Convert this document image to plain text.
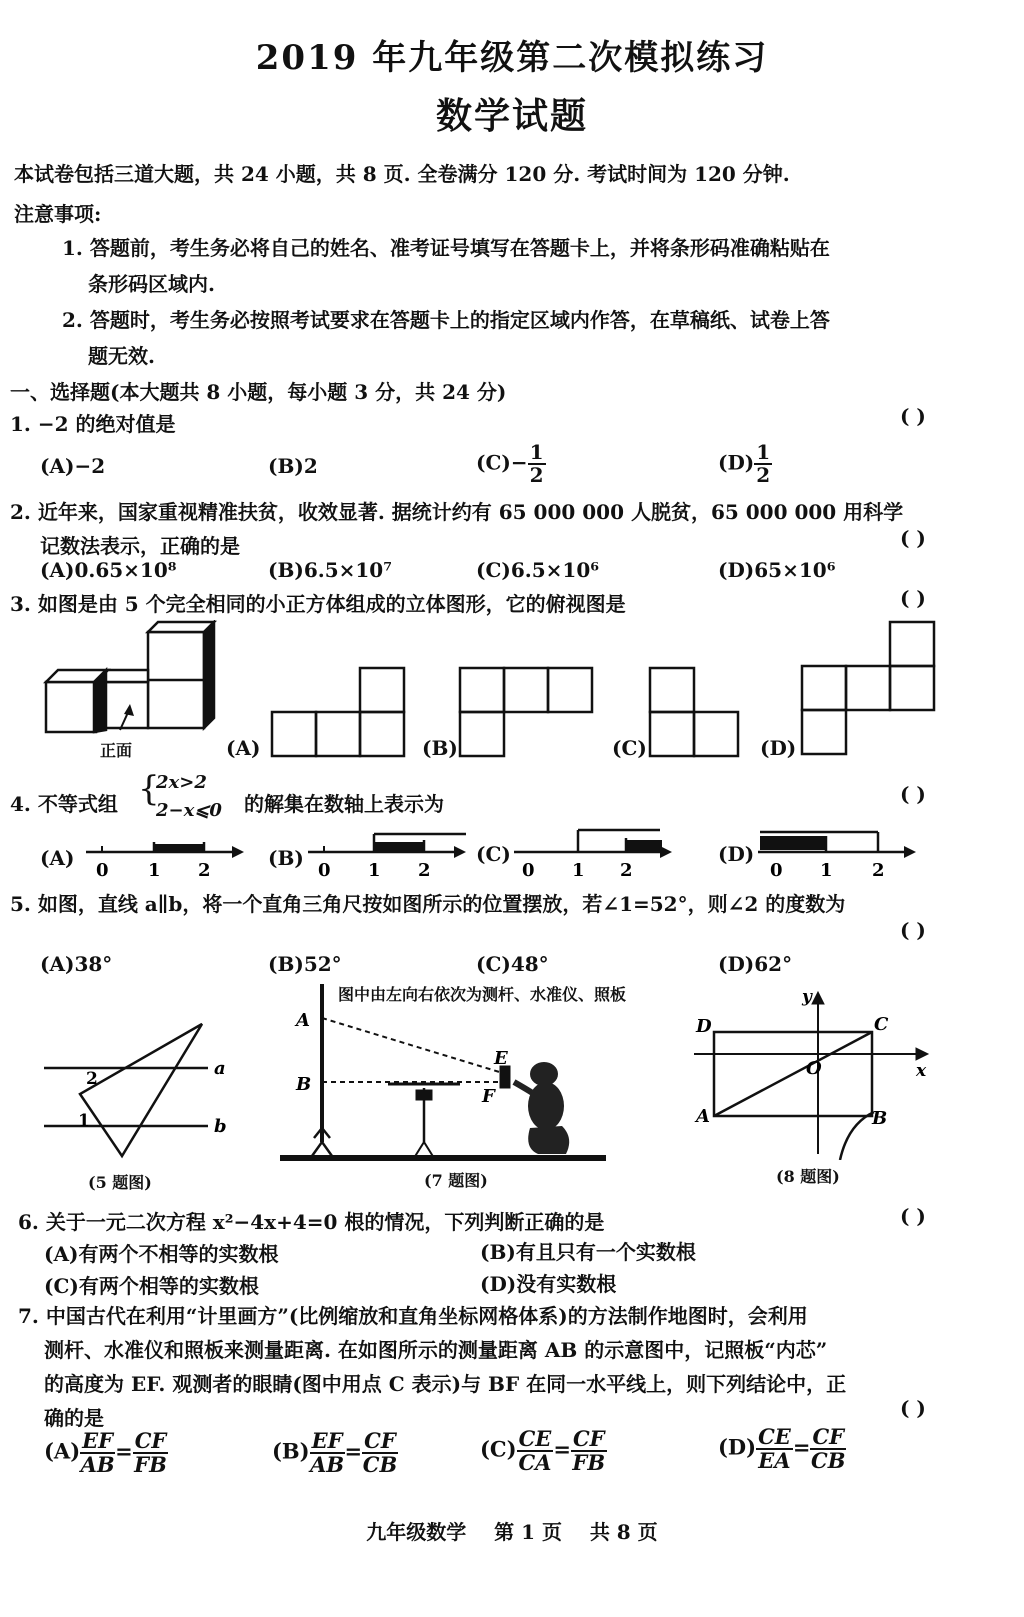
2019 年九年级第二次模拟练习
数学试题
本试卷包括三道大题，共 24 小题，共 8 页. 全卷满分 120 分. 考试时间为 120 分钟.
注意事项:
1. 答题前，考生务必将自己的姓名、准考证号填写在答题卡上，并将条形码准确粘贴在
条形码区域内.
2. 答题时，考生务必按照考试要求在答题卡上的指定区域内作答，在草稿纸、试卷上答
题无效.
一、选择题(本大题共 8 小题，每小题 3 分，共 24 分)
1. −2 的绝对值是	( )
(A)−2	(B)2	$(C)- \frac{1}{2}$	$(D) \frac{1}{2}$
2. 近年来，国家重视精准扶贫，收效显著. 据统计约有 65 000 000 人脱贫，65 000 000 用科学
记数法表示，正确的是	( )
(A)0.65×10⁸	(B)6.5×10⁷	(C)6.5×10⁶	(D)65×10⁶
3. 如图是由 5 个完全相同的小正方体组成的立体图形，它的俯视图是	( )
正面	(A)	(B)	(C)	(D)
4. 不等式组 {
2x>2
2−x⩽0 的解集在数轴上表示为	( )
(A)
0 1 2
(B)
0 1 2
(C)
0 1 2
(D)
0 1 2
5. 如图，直线 a∥b，将一个直角三角尺按如图所示的位置摆放，若∠1=52°，则∠2 的度数为
( )
(A)38°	(B)52°	(C)48°	(D)62°
a
b
2
1
(5 题图)
图中由左向右依次为测杆、水准仪、照板
A
B
E
F
(7 题图)
D	C
A	B
O	x
y
(8 题图)
6. 关于一元二次方程 x²−4x+4=0 根的情况，下列判断正确的是	( )
(A)有两个不相等的实数根	(B)有且只有一个实数根
(C)有两个相等的实数根	(D)没有实数根
7. 中国古代在利用“计里画方”(比例缩放和直角坐标网格体系)的方法制作地图时，会利用
测杆、水准仪和照板来测量距离. 在如图所示的测量距离 AB 的示意图中，记照板“内芯”
的高度为 EF. 观测者的眼睛(图中用点 C 表示)与 BF 在同一水平线上，则下列结论中，正
确的是	( )
$(A) \frac{EF}{AB} = \frac{CF}{FB}$	$(B) \frac{EF}{AB} = \frac{CF}{CB}$	$(C) \frac{CE}{CA} = \frac{CF}{FB}$	$(D) \frac{CE}{EA} = \frac{CF}{CB}$
九年级数学    第 1 页    共 8 页
